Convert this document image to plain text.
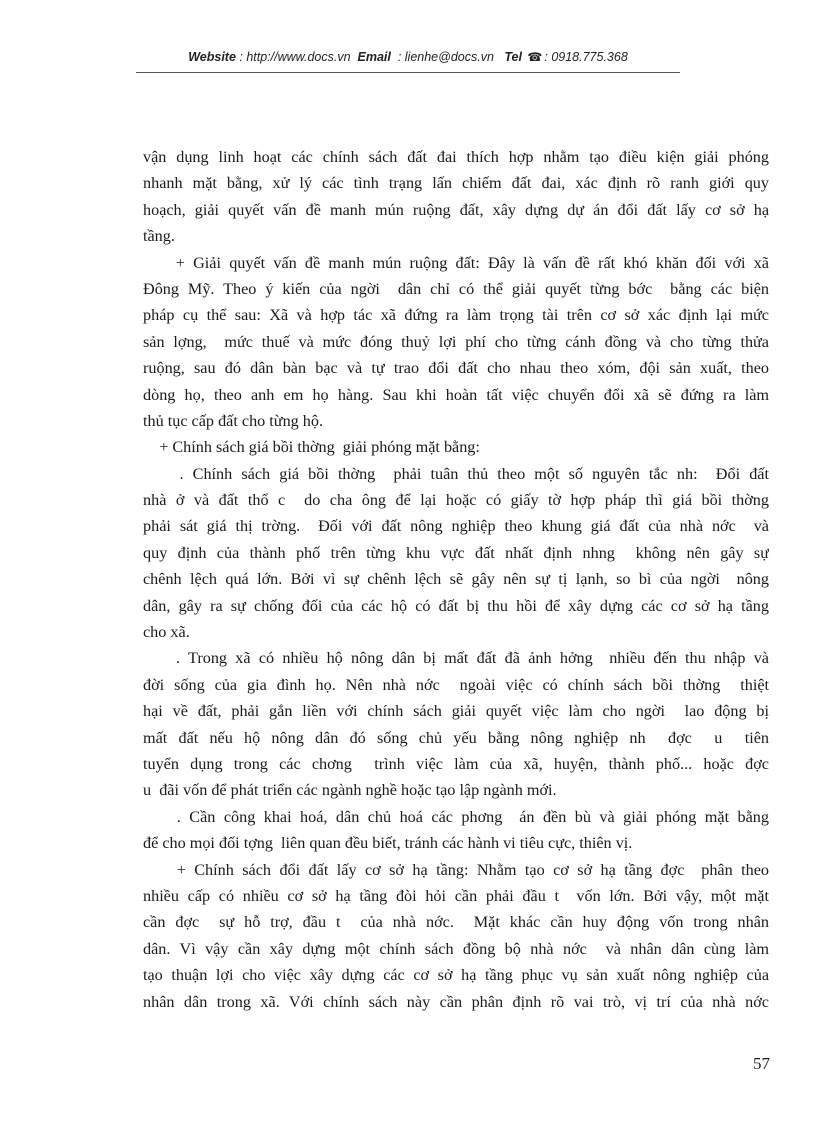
Website : http://www.docs.vn Email : lienhe@docs.vn Tel ☎ : 0918.775.368
vận dụng linh hoạt các chính sách đất đai thích hợp nhằm tạo điều kiện giải phóng
nhanh mặt bằng, xử lý các tình trạng lấn chiếm đất đai, xác định rõ ranh giới quy
hoạch, giải quyết vấn đề manh mún ruộng đất, xây dựng dự án đổi đất lấy cơ sở hạ
tầng.
+ Giải quyết vấn đề manh mún ruộng đất: Đây là vấn đề rất khó khăn đối với xã
Đông Mỹ. Theo ý kiến của ngời  dân chỉ có thể giải quyết từng bớc  bằng các biện
pháp cụ thể sau: Xã và hợp tác xã đứng ra làm trọng tài trên cơ sở xác định lại mức
sản lợng,  mức thuế và mức đóng thuỷ lợi phí cho từng cánh đồng và cho từng thửa
ruộng, sau đó dân bàn bạc và tự trao đổi đất cho nhau theo xóm, đội sản xuất, theo
dòng họ, theo anh em họ hàng. Sau khi hoàn tất việc chuyển đổi xã sẽ đứng ra làm
thủ tục cấp đất cho từng hộ.
+ Chính sách giá bồi thờng  giải phóng mặt bằng:
. Chính sách giá bồi thờng  phải tuân thủ theo một số nguyên tắc nh:  Đổi đất
nhà ở và đất thổ c  do cha ông để lại hoặc có giấy tờ hợp pháp thì giá bồi thờng
phải sát giá thị trờng.  Đối với đất nông nghiệp theo khung giá đất của nhà nớc  và
quy định của thành phố trên từng khu vực đất nhất định nhng  không nên gây sự
chênh lệch quá lớn. Bởi vì sự chênh lệch sẽ gây nên sự tị lạnh, so bì của ngời  nông
dân, gây ra sự chống đối của các hộ có đất bị thu hồi để xây dựng các cơ sở hạ tầng
cho xã.
. Trong xã có nhiều hộ nông dân bị mất đất đã ảnh hởng  nhiều đến thu nhập và
đời sống của gia đình họ. Nên nhà nớc  ngoài việc có chính sách bồi thờng  thiệt
hại về đất, phải gắn liền với chính sách giải quyết việc làm cho ngời  lao động bị
mất đất nếu hộ nông dân đó sống chủ yếu bằng nông nghiệp nh  đợc  u  tiên
tuyển dụng trong các chơng  trình việc làm của xã, huyện, thành phố... hoặc đợc
u  đãi vốn để phát triển các ngành nghề hoặc tạo lập ngành mới.
. Cần công khai hoá, dân chủ hoá các phơng  án đền bù và giải phóng mặt bằng
để cho mọi đối tợng  liên quan đều biết, tránh các hành vi tiêu cực, thiên vị.
+ Chính sách đổi đất lấy cơ sở hạ tầng: Nhằm tạo cơ sở hạ tầng đợc  phân theo
nhiều cấp có nhiều cơ sở hạ tầng đòi hỏi cần phải đầu t  vốn lớn. Bởi vậy, một mặt
cần đợc  sự hỗ trợ, đầu t  của nhà nớc.  Mặt khác cần huy động vốn trong nhân
dân. Vì vậy cần xây dựng một chính sách đồng bộ nhà nớc  và nhân dân cùng làm
tạo thuận lợi cho việc xây dựng các cơ sở hạ tầng phục vụ sản xuất nông nghiệp của
nhân dân trong xã. Với chính sách này cần phân định rõ vai trò, vị trí của nhà nớc
57
